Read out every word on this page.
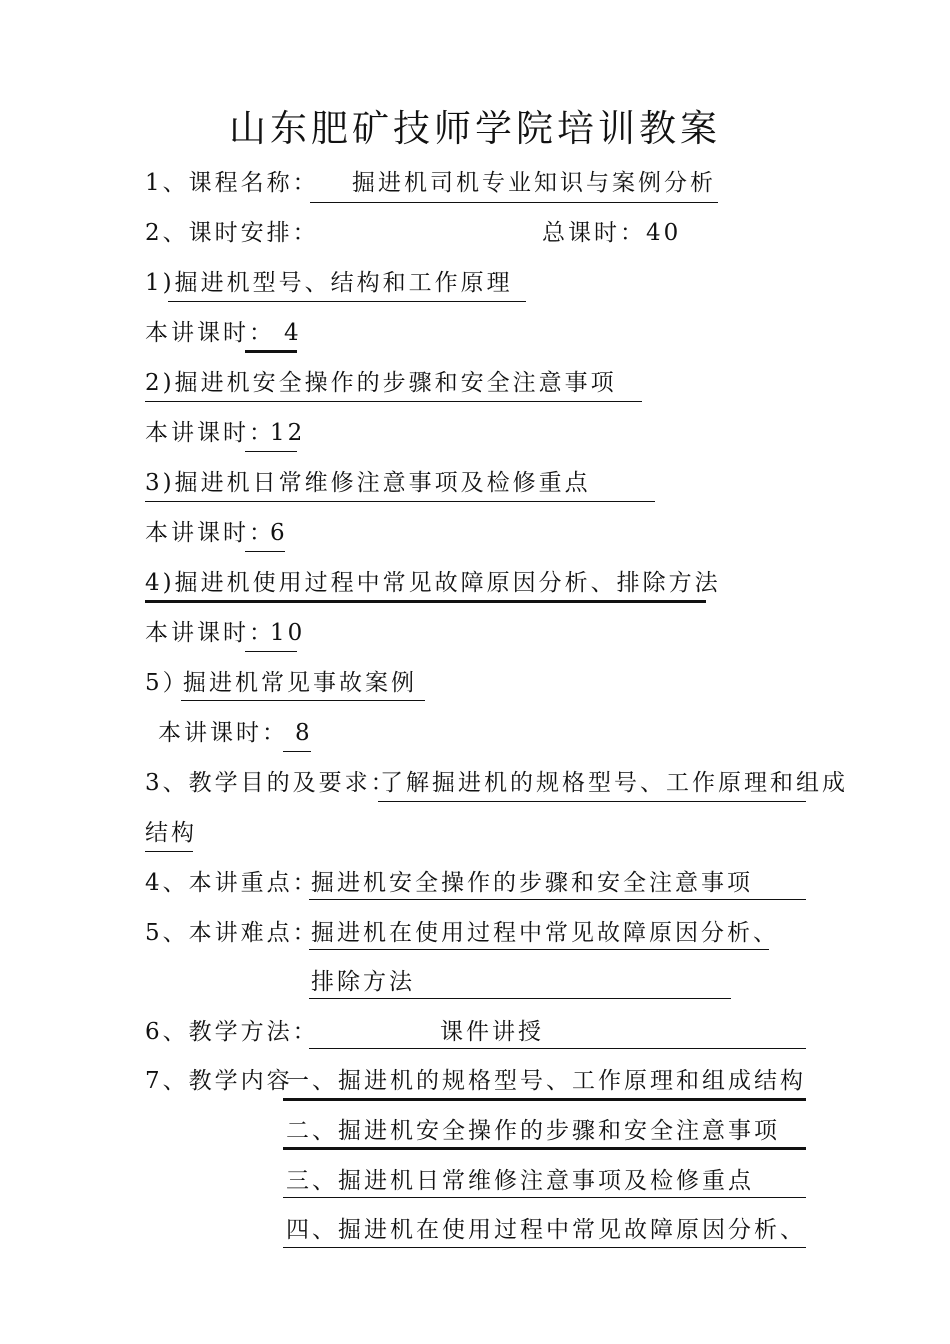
山东肥矿技师学院培训教案
1、课程名称： 掘进机司机专业知识与案例分析
2、课时安排：	总课时：40
1)掘进机型号、结构和工作原理
本讲课时： 4
2)掘进机安全操作的步骤和安全注意事项
本讲课时：
12
3)掘进机日常维修注意事项及检修重点
本讲课时：
6
4)掘进机使用过程中常见故障原因分析、排除方法
本讲课时：
10
5）
掘进机常见事故案例
本讲课时： 8
3、教学目的及要求：
了解掘进机的规格型号、工作原理和组成
结构
4、本讲重点：
掘进机安全操作的步骤和安全注意事项
5、本讲难点：
掘进机在使用过程中常见故障原因分析、
排除方法
6、教学方法：	课件讲授
7、教学内容
一、掘进机的规格型号、工作原理和组成结构
二、掘进机安全操作的步骤和安全注意事项
三、掘进机日常维修注意事项及检修重点
四、掘进机在使用过程中常见故障原因分析、
